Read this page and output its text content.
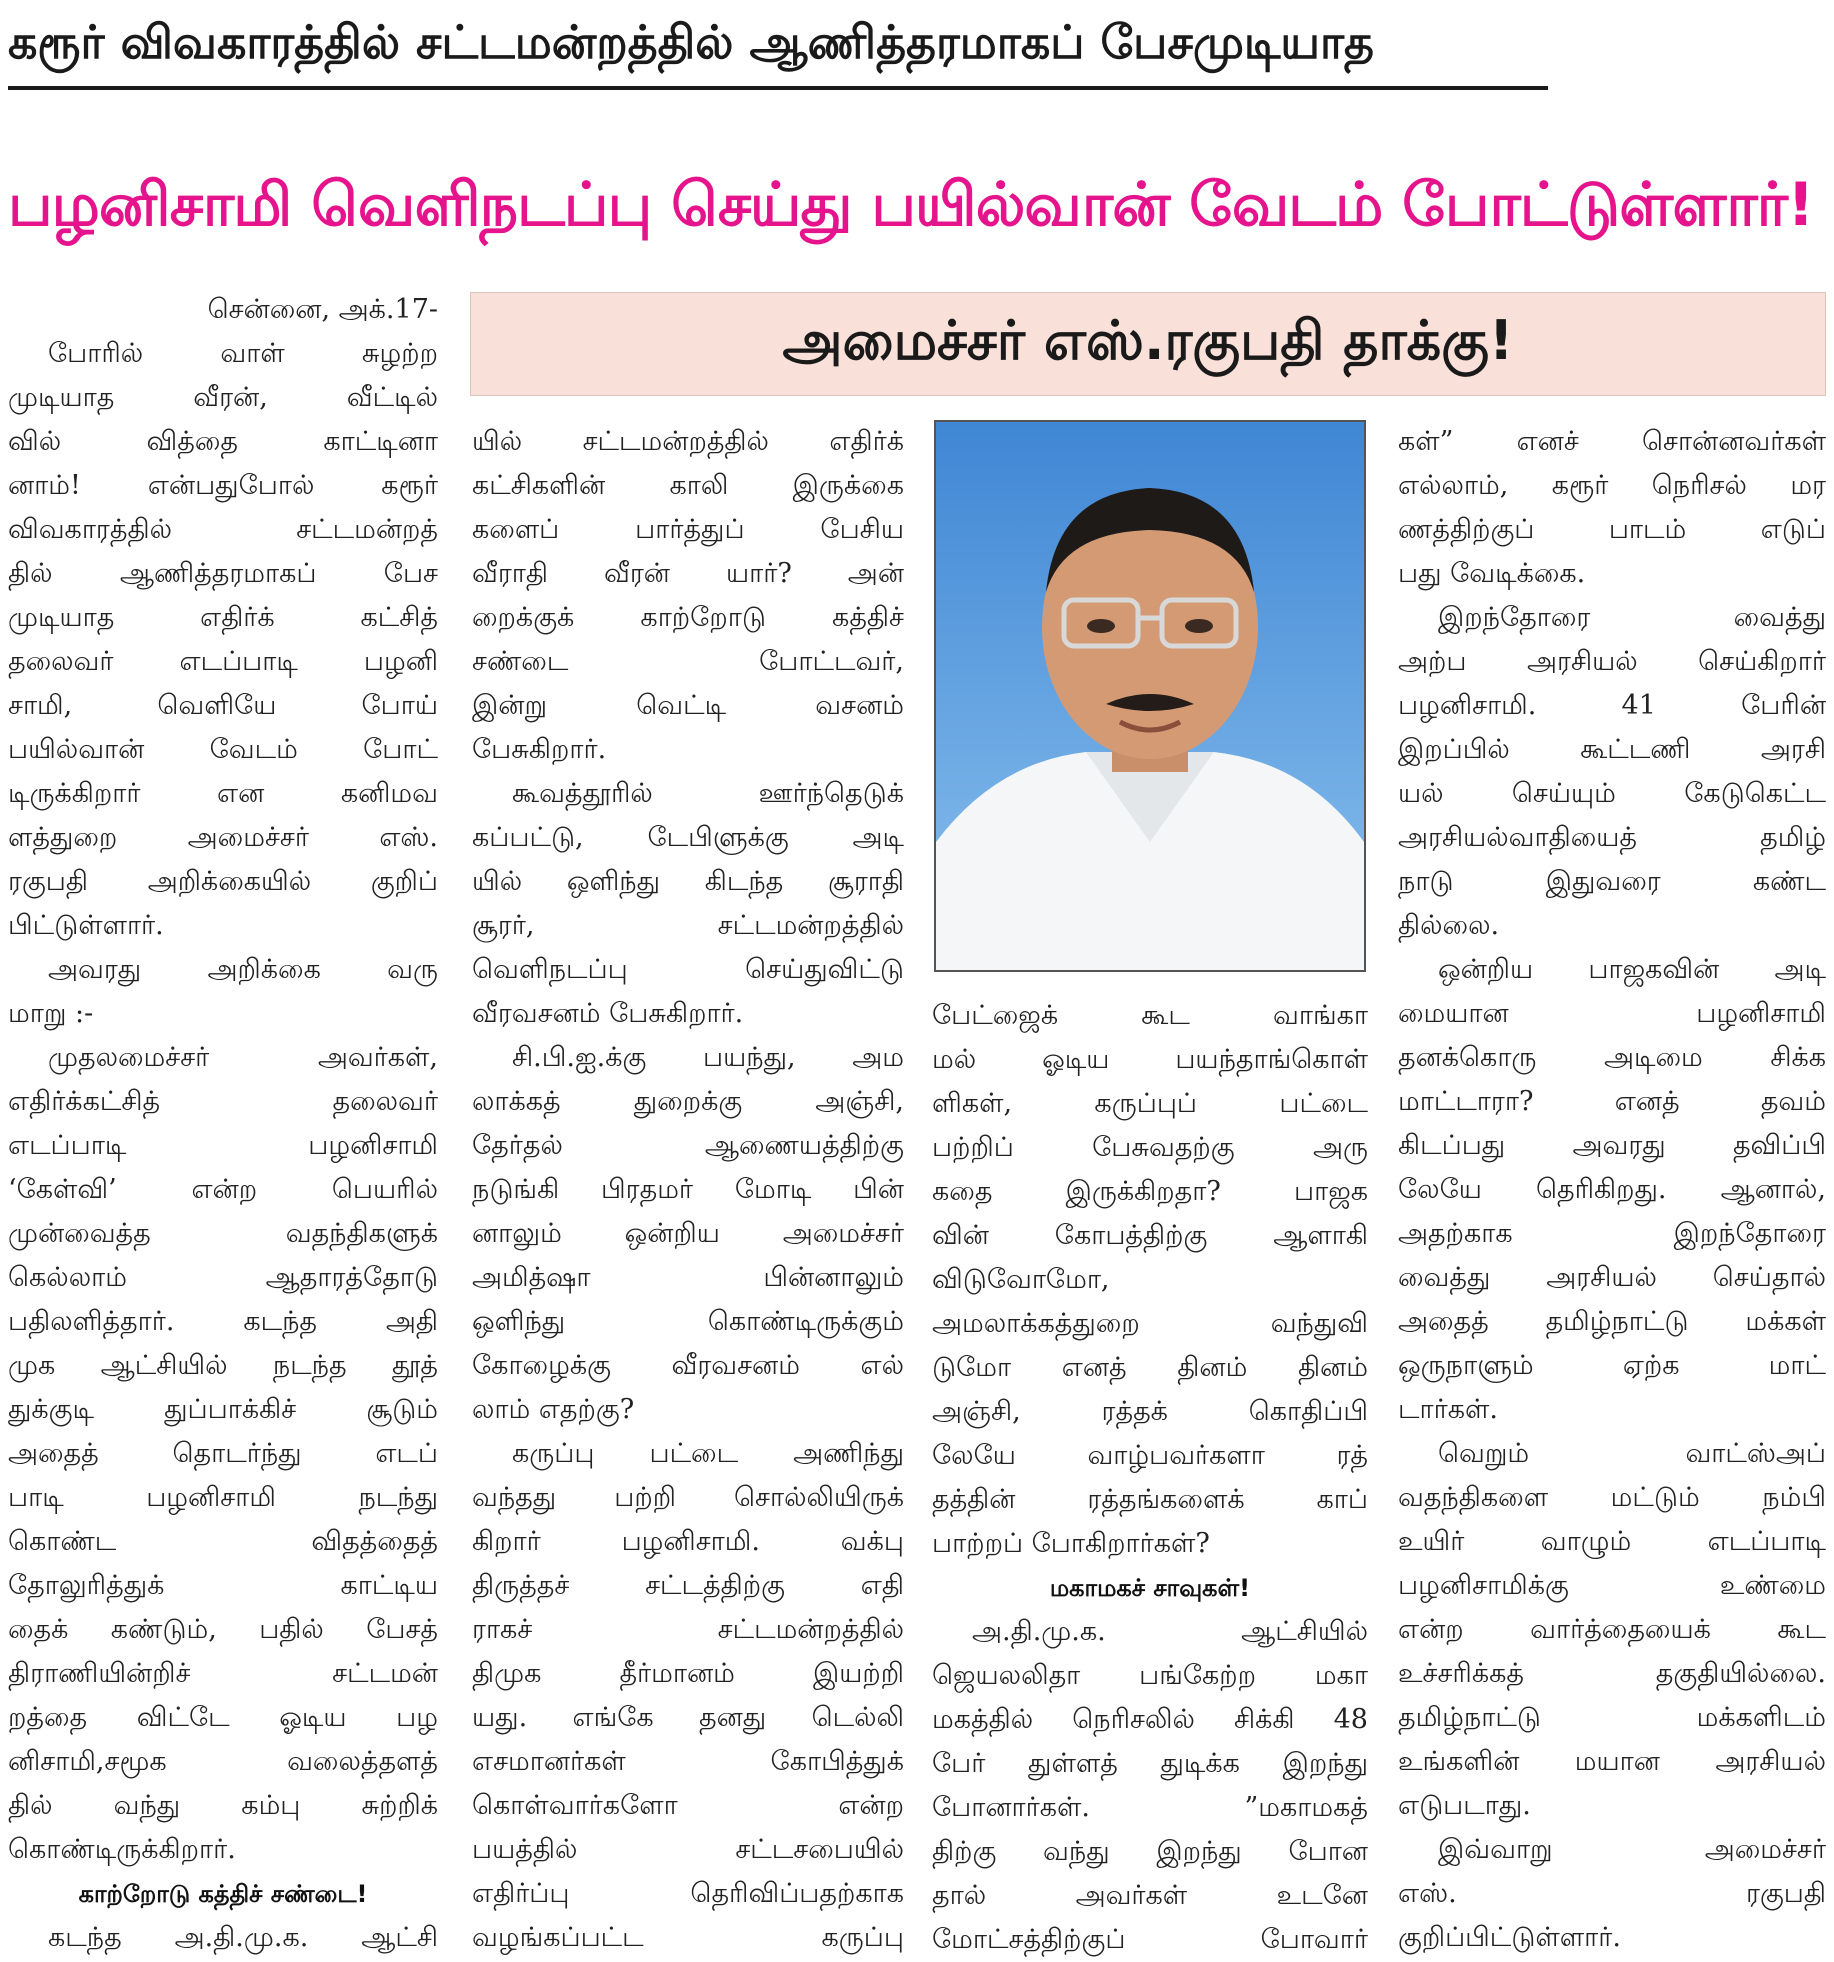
கரூர் விவகாரத்தில் சட்டமன்றத்தில் ஆணித்தரமாகப் பேசமுடியாத
பழனிசாமி வெளிநடப்பு செய்து பயில்வான் வேடம் போட்டுள்ளார்!
அமைச்சர் எஸ்.ரகுபதி தாக்கு!

சென்னை, அக்.17-

போரில் வாள் சுழற்ற

முடியாத வீரன், வீட்டில்

வில் வித்தை காட்டினா

னாம்! என்பதுபோல் கரூர்

விவகாரத்தில் சட்டமன்றத்

தில் ஆணித்தரமாகப் பேச

முடியாத எதிர்க் கட்சித்

தலைவர் எடப்பாடி பழனி

சாமி, வெளியே போய்

பயில்வான் வேடம் போட்

டிருக்கிறார் என கனிமவ

ளத்துறை அமைச்சர் எஸ்.

ரகுபதி அறிக்கையில் குறிப்

பிட்டுள்ளார்.

அவரது அறிக்கை வரு

மாறு :-

முதலமைச்சர் அவர்கள்,

எதிர்க்கட்சித் தலைவர்

எடப்பாடி பழனிசாமி

‘கேள்வி’ என்ற பெயரில்

முன்வைத்த வதந்திகளுக்

கெல்லாம் ஆதாரத்தோடு

பதிலளித்தார். கடந்த அதி

முக ஆட்சியில் நடந்த தூத்

துக்குடி துப்பாக்கிச் சூடும்

அதைத் தொடர்ந்து எடப்

பாடி பழனிசாமி நடந்து

கொண்ட விதத்தைத்

தோலுரித்துக் காட்டிய

தைக் கண்டும், பதில் பேசத்

திராணியின்றிச் சட்டமன்

றத்தை விட்டே ஓடிய பழ

னிசாமி,சமூக வலைத்தளத்

தில் வந்து கம்பு சுற்றிக்

கொண்டிருக்கிறார்.

காற்றோடு கத்திச் சண்டை!

கடந்த அ.தி.மு.க. ஆட்சி

யில் சட்டமன்றத்தில் எதிர்க்

கட்சிகளின் காலி இருக்கை

களைப் பார்த்துப் பேசிய

வீராதி வீரன் யார்? அன்

றைக்குக் காற்றோடு கத்திச்

சண்டை போட்டவர்,

இன்று வெட்டி வசனம்

பேசுகிறார்.

கூவத்தூரில் ஊர்ந்தெடுக்

கப்பட்டு, டேபிளுக்கு அடி

யில் ஒளிந்து கிடந்த சூராதி

சூரர், சட்டமன்றத்தில்

வெளிநடப்பு செய்துவிட்டு

வீரவசனம் பேசுகிறார்.

சி.பி.ஐ.க்கு பயந்து, அம

லாக்கத் துறைக்கு அஞ்சி,

தேர்தல் ஆணையத்திற்கு

நடுங்கி பிரதமர் மோடி பின்

னாலும் ஒன்றிய அமைச்சர்

அமித்ஷா பின்னாலும்

ஒளிந்து கொண்டிருக்கும்

கோழைக்கு வீரவசனம் எல்

லாம் எதற்கு?

கருப்பு பட்டை அணிந்து

வந்தது பற்றி சொல்லியிருக்

கிறார் பழனிசாமி. வக்பு

திருத்தச் சட்டத்திற்கு எதி

ராகச் சட்டமன்றத்தில்

திமுக தீர்மானம் இயற்றி

யது. எங்கே தனது டெல்லி

எசமானர்கள் கோபித்துக்

கொள்வார்களோ என்ற

பயத்தில் சட்டசபையில்

எதிர்ப்பு தெரிவிப்பதற்காக

வழங்கப்பட்ட கருப்பு

பேட்ஜைக் கூட வாங்கா

மல் ஓடிய பயந்தாங்கொள்

ளிகள், கருப்புப் பட்டை

பற்றிப் பேசுவதற்கு அரு

கதை இருக்கிறதா? பாஜக

வின் கோபத்திற்கு ஆளாகி

விடுவோமோ,

அமலாக்கத்துறை வந்துவி

டுமோ எனத் தினம் தினம்

அஞ்சி, ரத்தக் கொதிப்பி

லேயே வாழ்பவர்களா ரத்

தத்தின் ரத்தங்களைக் காப்

பாற்றப் போகிறார்கள்?

மகாமகச் சாவுகள்!

அ.தி.மு.க. ஆட்சியில்

ஜெயலலிதா பங்கேற்ற மகா

மகத்தில் நெரிசலில் சிக்கி 48

பேர் துள்ளத் துடிக்க இறந்து

போனார்கள். ”மகாமகத்

திற்கு வந்து இறந்து போன

தால் அவர்கள் உடனே

மோட்சத்திற்குப் போவார்

கள்” எனச் சொன்னவர்கள்

எல்லாம், கரூர் நெரிசல் மர

ணத்திற்குப் பாடம் எடுப்

பது வேடிக்கை.

இறந்தோரை வைத்து

அற்ப அரசியல் செய்கிறார்

பழனிசாமி. 41 பேரின்

இறப்பில் கூட்டணி அரசி

யல் செய்யும் கேடுகெட்ட

அரசியல்வாதியைத் தமிழ்

நாடு இதுவரை கண்ட

தில்லை.

ஒன்றிய பாஜகவின் அடி

மையான பழனிசாமி

தனக்கொரு அடிமை சிக்க

மாட்டாரா? எனத் தவம்

கிடப்பது அவரது தவிப்பி

லேயே தெரிகிறது. ஆனால்,

அதற்காக இறந்தோரை

வைத்து அரசியல் செய்தால்

அதைத் தமிழ்நாட்டு மக்கள்

ஒருநாளும் ஏற்க மாட்

டார்கள்.

வெறும் வாட்ஸ்அப்

வதந்திகளை மட்டும் நம்பி

உயிர் வாழும் எடப்பாடி

பழனிசாமிக்கு உண்மை

என்ற வார்த்தையைக் கூட

உச்சரிக்கத் தகுதியில்லை.

தமிழ்நாட்டு மக்களிடம்

உங்களின் மயான அரசியல்

எடுபடாது.

இவ்வாறு அமைச்சர்

எஸ். ரகுபதி

குறிப்பிட்டுள்ளார்.
